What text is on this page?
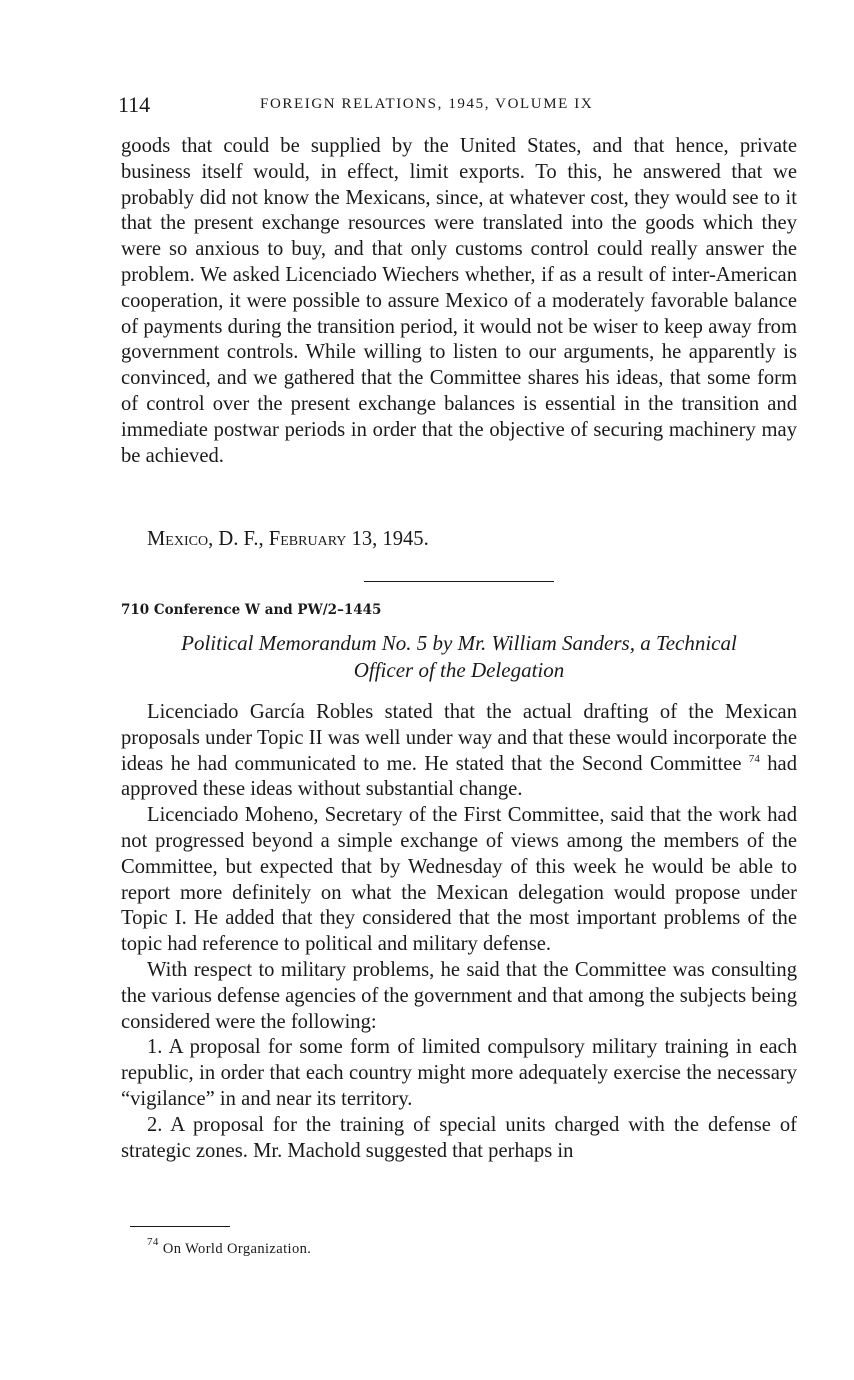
114	FOREIGN RELATIONS, 1945, VOLUME IX

goods that could be supplied by the United States, and that hence, private business itself would, in effect, limit exports. To this, he answered that we probably did not know the Mexicans, since, at whatever cost, they would see to it that the present exchange resources were translated into the goods which they were so anxious to buy, and that only customs control could really answer the problem. We asked Licenciado Wiechers whether, if as a result of inter-American cooperation, it were possible to assure Mexico of a moderately favorable balance of payments during the transition period, it would not be wiser to keep away from government controls. While willing to listen to our arguments, he apparently is convinced, and we gathered that the Committee shares his ideas, that some form of control over the present exchange balances is essential in the transition and immediate postwar periods in order that the objective of securing machinery may be achieved.

Mexico, D. F., February 13, 1945.
710 Conference W and PW/2–1445
Political Memorandum No. 5 by Mr. William Sanders, a Technical
Officer of the Delegation

Licenciado García Robles stated that the actual drafting of the Mexican proposals under Topic II was well under way and that these would incorporate the ideas he had communicated to me. He stated that the Second Committee $^{74}$ had approved these ideas without substantial change.

Licenciado Moheno, Secretary of the First Committee, said that the work had not progressed beyond a simple exchange of views among the members of the Committee, but expected that by Wednesday of this week he would be able to report more definitely on what the Mexican delegation would propose under Topic I. He added that they considered that the most important problems of the topic had reference to political and military defense.

With respect to military problems, he said that the Committee was consulting the various defense agencies of the government and that among the subjects being considered were the following:

1. A proposal for some form of limited compulsory military training in each republic, in order that each country might more adequately exercise the necessary “vigilance” in and near its territory.

2. A proposal for the training of special units charged with the defense of strategic zones. Mr. Machold suggested that perhaps in

$^{74}$ On World Organization.
